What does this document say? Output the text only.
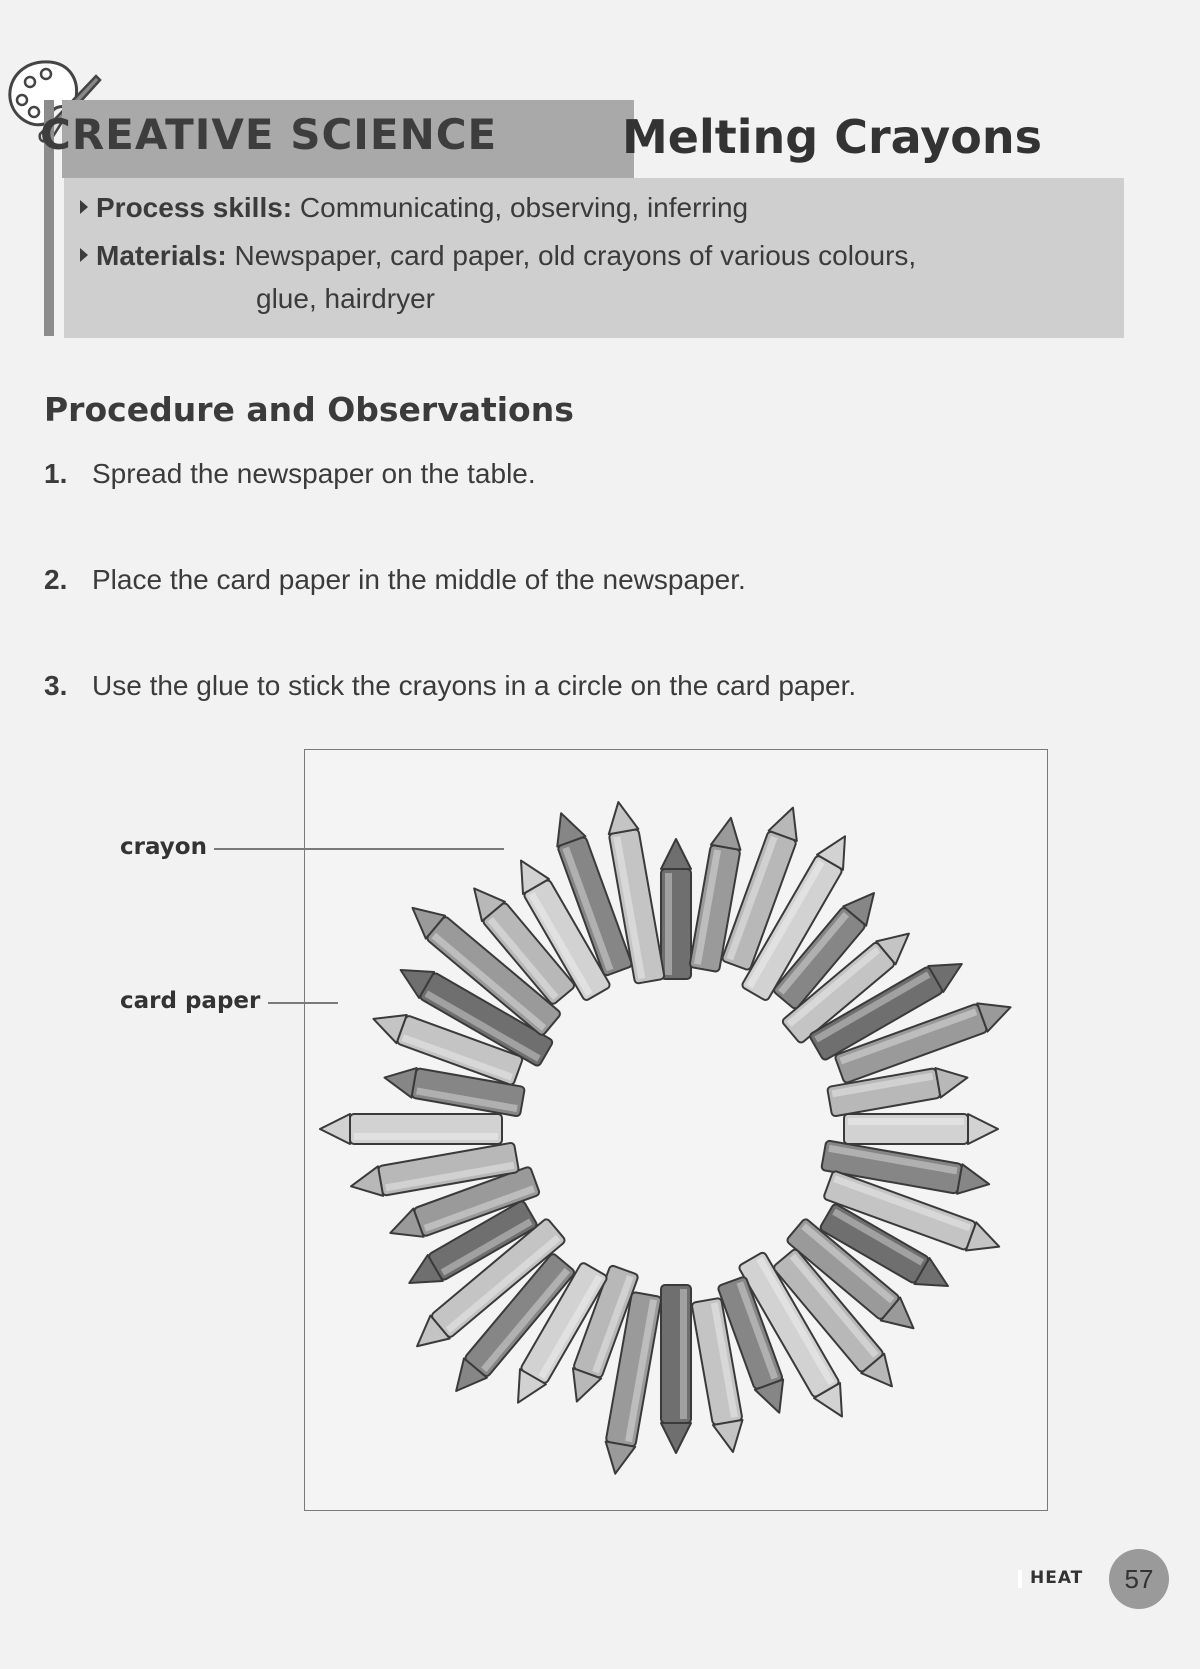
CREATIVE SCIENCE	Melting Crayons
Process skills: Communicating, observing, inferring
Materials: Newspaper, card paper, old crayons of various colours,
glue, hairdryer
Procedure and Observations
1. Spread the newspaper on the table.
2. Place the card paper in the middle of the newspaper.
3. Use the glue to stick the crayons in a circle on the card paper.
crayon
card paper
HEAT	57
